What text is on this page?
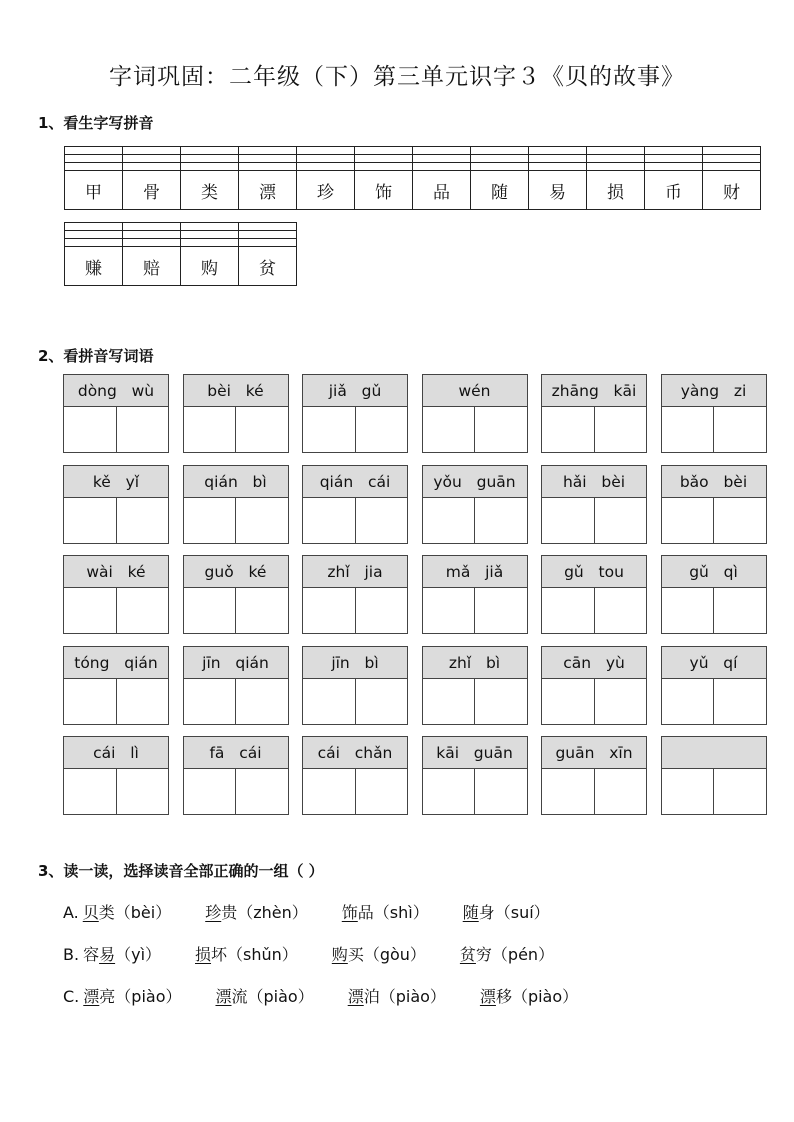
字词巩固：二年级（下）第三单元识字３《贝的故事》
1、看生字写拼音

甲	骨	类	漂	珍	饰	品	随	易	损	币	财

赚	赔	购	贫
2、看拼音写词语
dòng   wù	bèi   ké	jiǎ   gǔ	wén	zhāng   kāi	yàng   zi
kě   yǐ	qián   bì	qián   cái	yǒu   guān	hǎi   bèi	bǎo   bèi
wài   ké	guǒ   ké	zhǐ   jia	mǎ   jiǎ	gǔ   tou	gǔ   qì
tóng   qián	jīn   qián	jīn   bì	zhǐ   bì	cān   yù	yǔ   qí
cái   lì	fā   cái	cái   chǎn	kāi   guān	guān   xīn
3、读一读，选择读音全部正确的一组（ ）
A. 贝类（bèi） 珍贵（zhèn） 饰品（shì） 随身（suí）
B. 容易（yì） 损坏（shǔn） 购买（gòu） 贫穷（pén）
C. 漂亮（piào） 漂流（piào） 漂泊（piào） 漂移（piào）
